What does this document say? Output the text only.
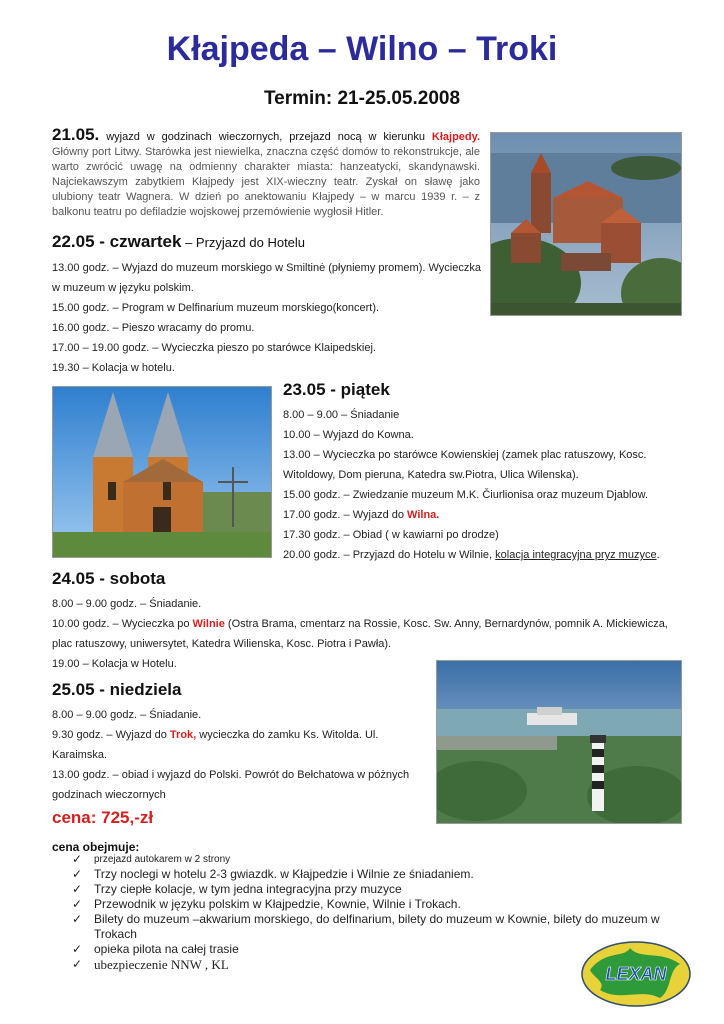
Kłajpeda – Wilno – Troki
Termin: 21-25.05.2008
21.05. wyjazd w godzinach wieczornych, przejazd nocą w kierunku Kłajpedy. Główny port Litwy. Starówka jest niewielka, znaczna część domów to rekonstrukcje, ale warto zwrócić uwagę na odmienny charakter miasta: hanzeatycki, skandynawski. Najciekawszym zabytkiem Kłajpedy jest XIX-wieczny teatr. Zyskał on sławę jako ulubiony teatr Wagnera. W dzień po anektowaniu Kłajpedy – w marcu 1939 r. – z balkonu teatru po defiladzie wojskowej przemówienie wygłosił Hitler.
22.05 - czwartek – Przyjazd do Hotelu
13.00 godz. – Wyjazd do muzeum morskiego w Smiltinė (płyniemy promem). Wycieczka
w muzeum w języku polskim.
15.00 godz. – Program w Delfinarium muzeum morskiego(koncert).
16.00 godz. – Pieszo wracamy do promu.
17.00 – 19.00 godz. – Wycieczka pieszo po starówce Klaipedskiej.
19.30 – Kolacja w hotelu.
23.05 - piątek
8.00 – 9.00 – Śniadanie
10.00 – Wyjazd do Kowna.
13.00 – Wycieczka po starówce Kowienskiej (zamek plac ratuszowy, Kosc.
Witoldowy, Dom pieruna, Katedra sw.Piotra, Ulica Wilenska).
15.00 godz. – Zwiedzanie muzeum M.K. Čiurlionisa oraz muzeum Djablow.
17.00 godz. – Wyjazd do Wilna.
17.30 godz. – Obiad ( w kawiarni po drodze)
20.00 godz. – Przyjazd do Hotelu w Wilnie, kolacja integracyjna pryz muzyce.
24.05 - sobota
8.00 – 9.00 godz. – Śniadanie.
10.00 godz. – Wycieczka po Wilnie (Ostra Brama, cmentarz na Rossie, Kosc. Sw. Anny, Bernardynów, pomnik A. Mickiewicza,
plac ratuszowy, uniwersytet, Katedra Wilienska, Kosc. Piotra i Pawła).
19.00 – Kolacja w Hotelu.
25.05 - niedziela
8.00 – 9.00 godz. – Śniadanie.
9.30 godz. – Wyjazd do Trok, wycieczka do zamku Ks. Witolda. Ul.
Karaimska.
13.00 godz. – obiad i wyjazd do Polski. Powrót do Bełchatowa w póżnych
godzinach wieczornych
cena: 725,-zł
cena obejmuje:
✓ przejazd autokarem w 2 strony
✓ Trzy noclegi w hotelu 2-3 gwiazdk. w Kłajpedzie i Wilnie ze śniadaniem.
✓ Trzy ciepłe kolacje, w tym jedna integracyjna przy muzyce
✓ Przewodnik w języku polskim w Kłajpedzie, Kownie, Wilnie i Trokach.
✓ Bilety do muzeum –akwarium morskiego, do delfinarium, bilety do muzeum w Kownie, bilety do muzeum w Trokach
✓ opieka pilota na całej trasie
✓ ubezpieczenie NNW , KL	LEXAN
